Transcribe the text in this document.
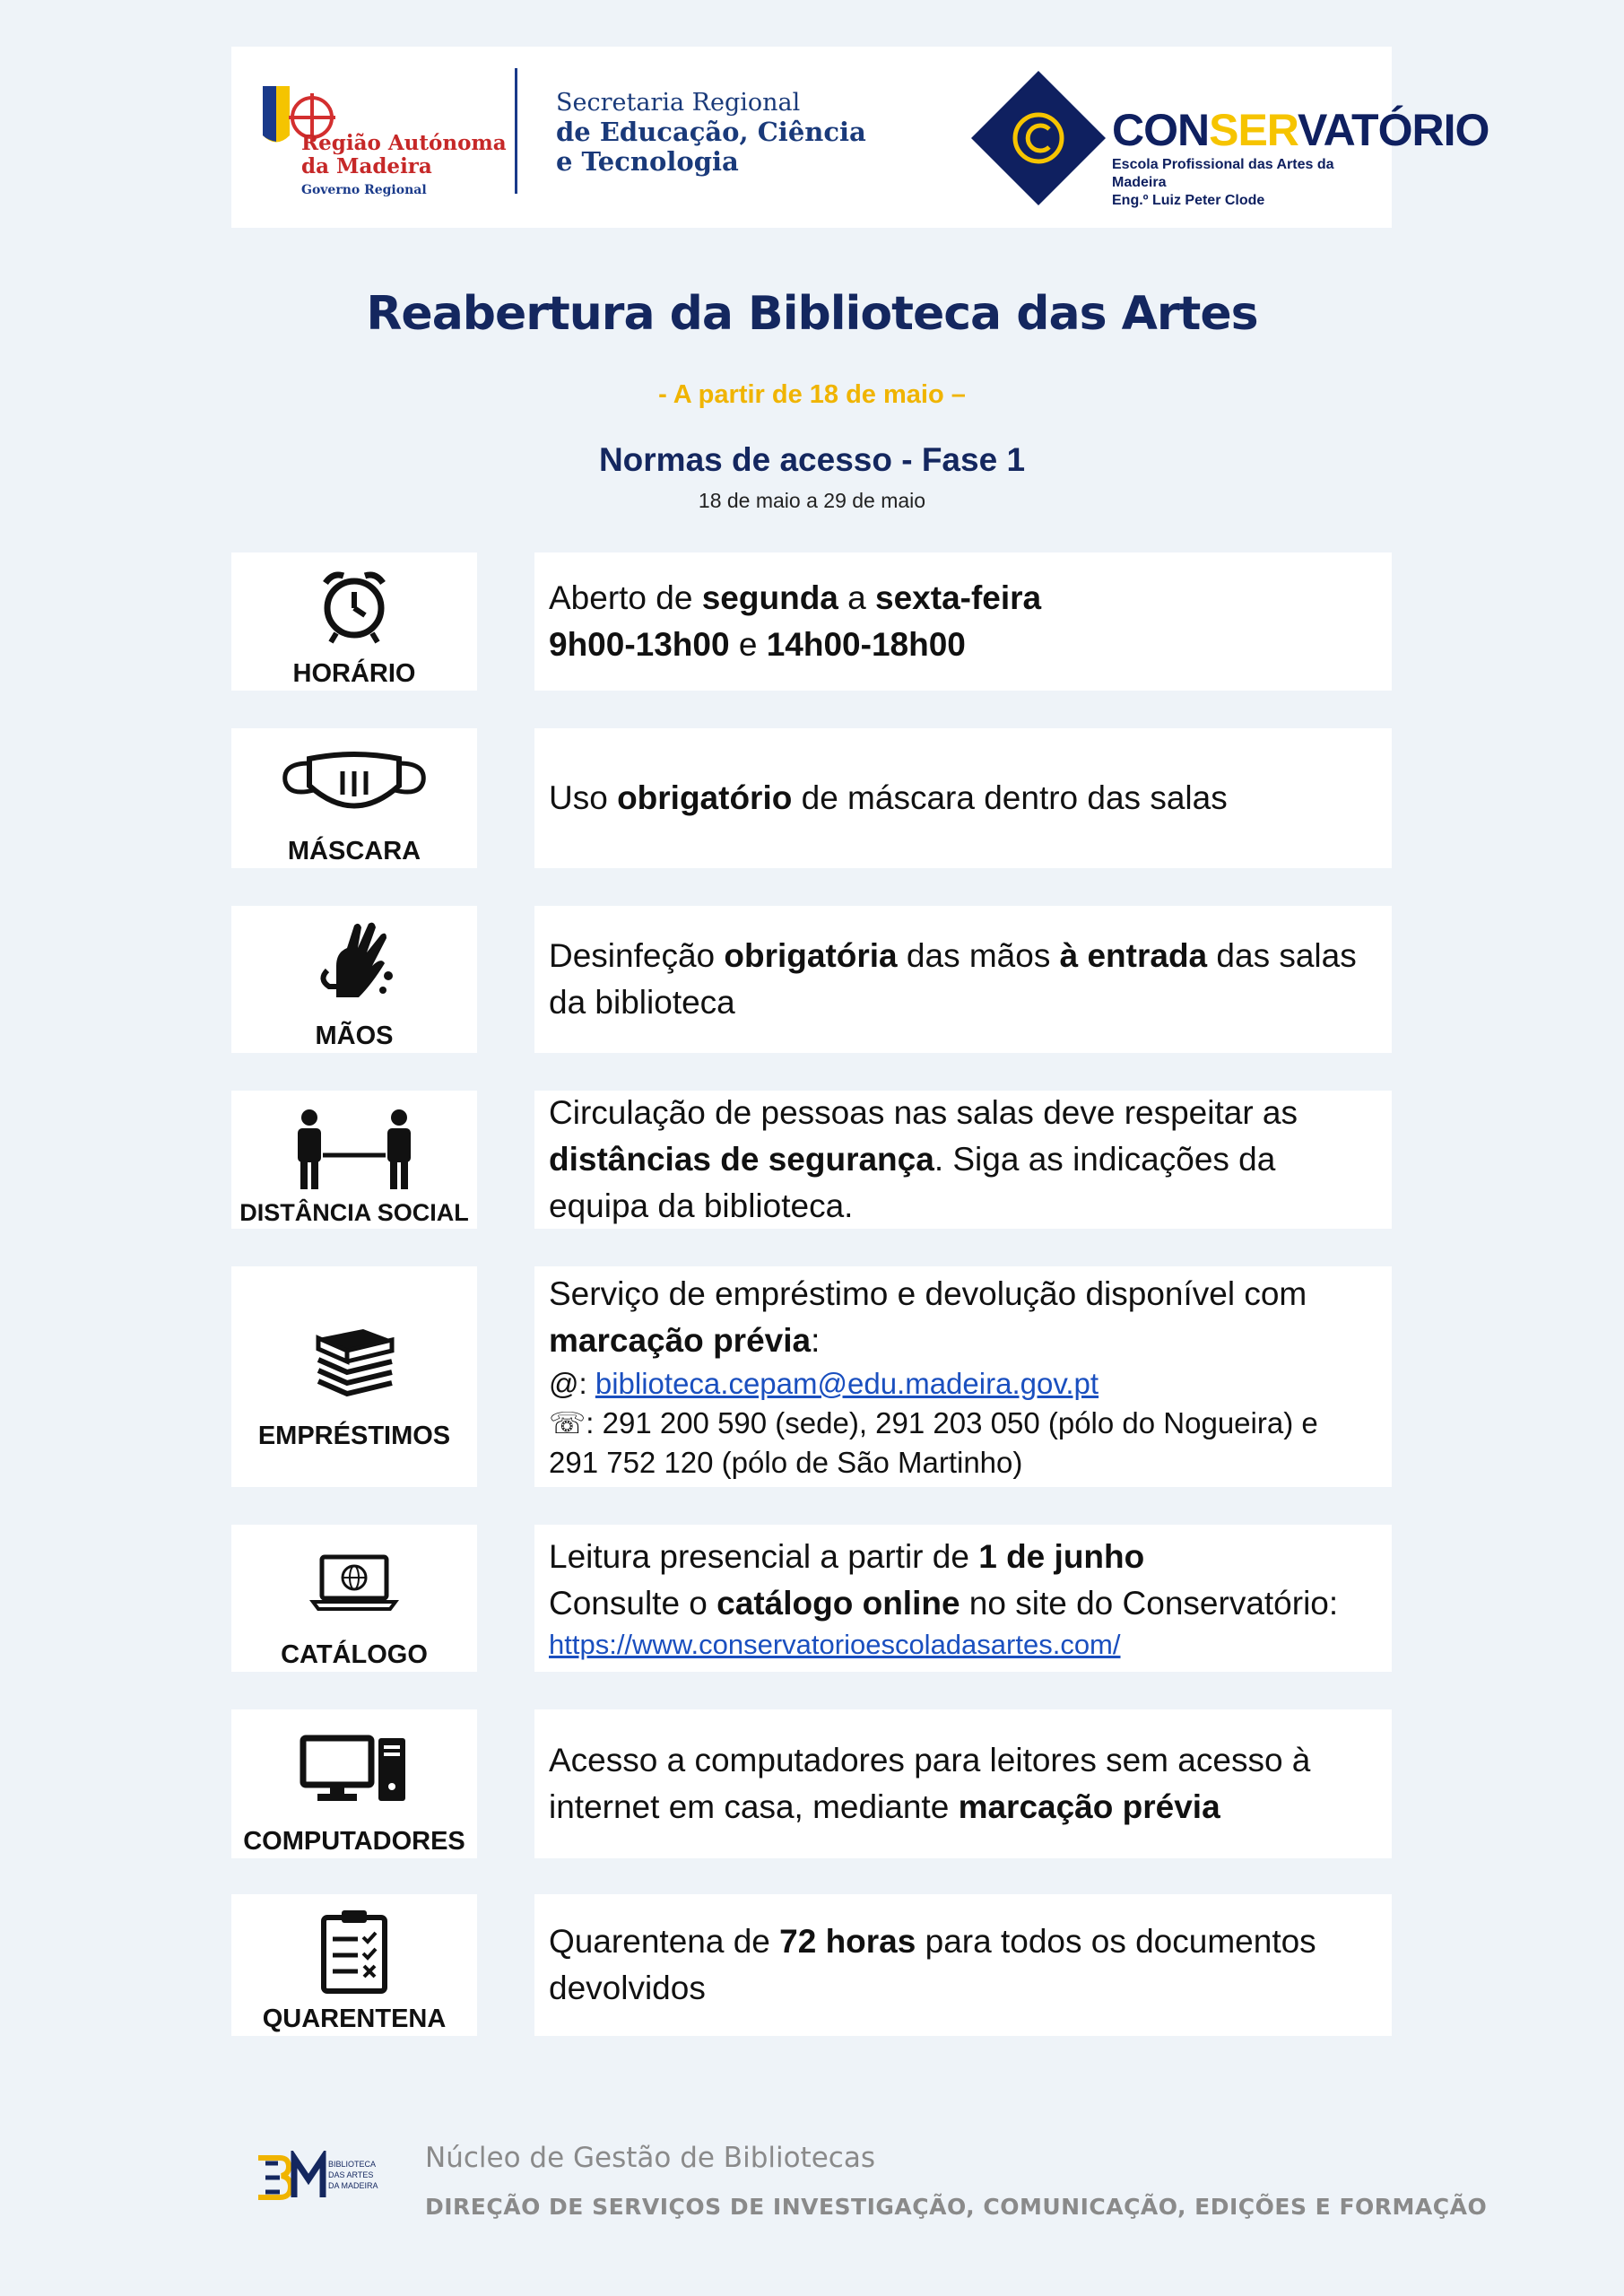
Região Autónoma
da Madeira
Governo Regional
Secretaria Regional
de Educação, Ciência
e Tecnologia
CONSERVATÓRIO
Escola Profissional das Artes da Madeira
Eng.º Luiz Peter Clode
Reabertura da Biblioteca das Artes
- A partir de 18 de maio –
Normas de acesso - Fase 1
18 de maio a 29 de maio
HORÁRIO
Aberto de segunda a sexta-feira
9h00-13h00 e 14h00-18h00
MÁSCARA
Uso obrigatório de máscara dentro das salas
MÃOS
Desinfeção obrigatória das mãos à entrada das salas
da biblioteca
DISTÂNCIA SOCIAL
Circulação de pessoas nas salas deve respeitar as
distâncias de segurança. Siga as indicações da
equipa da biblioteca.
EMPRÉSTIMOS
Serviço de empréstimo e devolução disponível com
marcação prévia:
@: biblioteca.cepam@edu.madeira.gov.pt
☏: 291 200 590 (sede), 291 203 050 (pólo do Nogueira) e
291 752 120 (pólo de São Martinho)
CATÁLOGO
Leitura presencial a partir de 1 de junho
Consulte o catálogo online no site do Conservatório:
https://www.conservatorioescoladasartes.com/
COMPUTADORES
Acesso a computadores para leitores sem acesso à
internet em casa, mediante marcação prévia
QUARENTENA
Quarentena de 72 horas para todos os documentos
devolvidos
BIBLIOTECA
DAS ARTES
DA MADEIRA
Núcleo de Gestão de Bibliotecas
DIREÇÃO DE SERVIÇOS DE INVESTIGAÇÃO, COMUNICAÇÃO, EDIÇÕES E FORMAÇÃO
